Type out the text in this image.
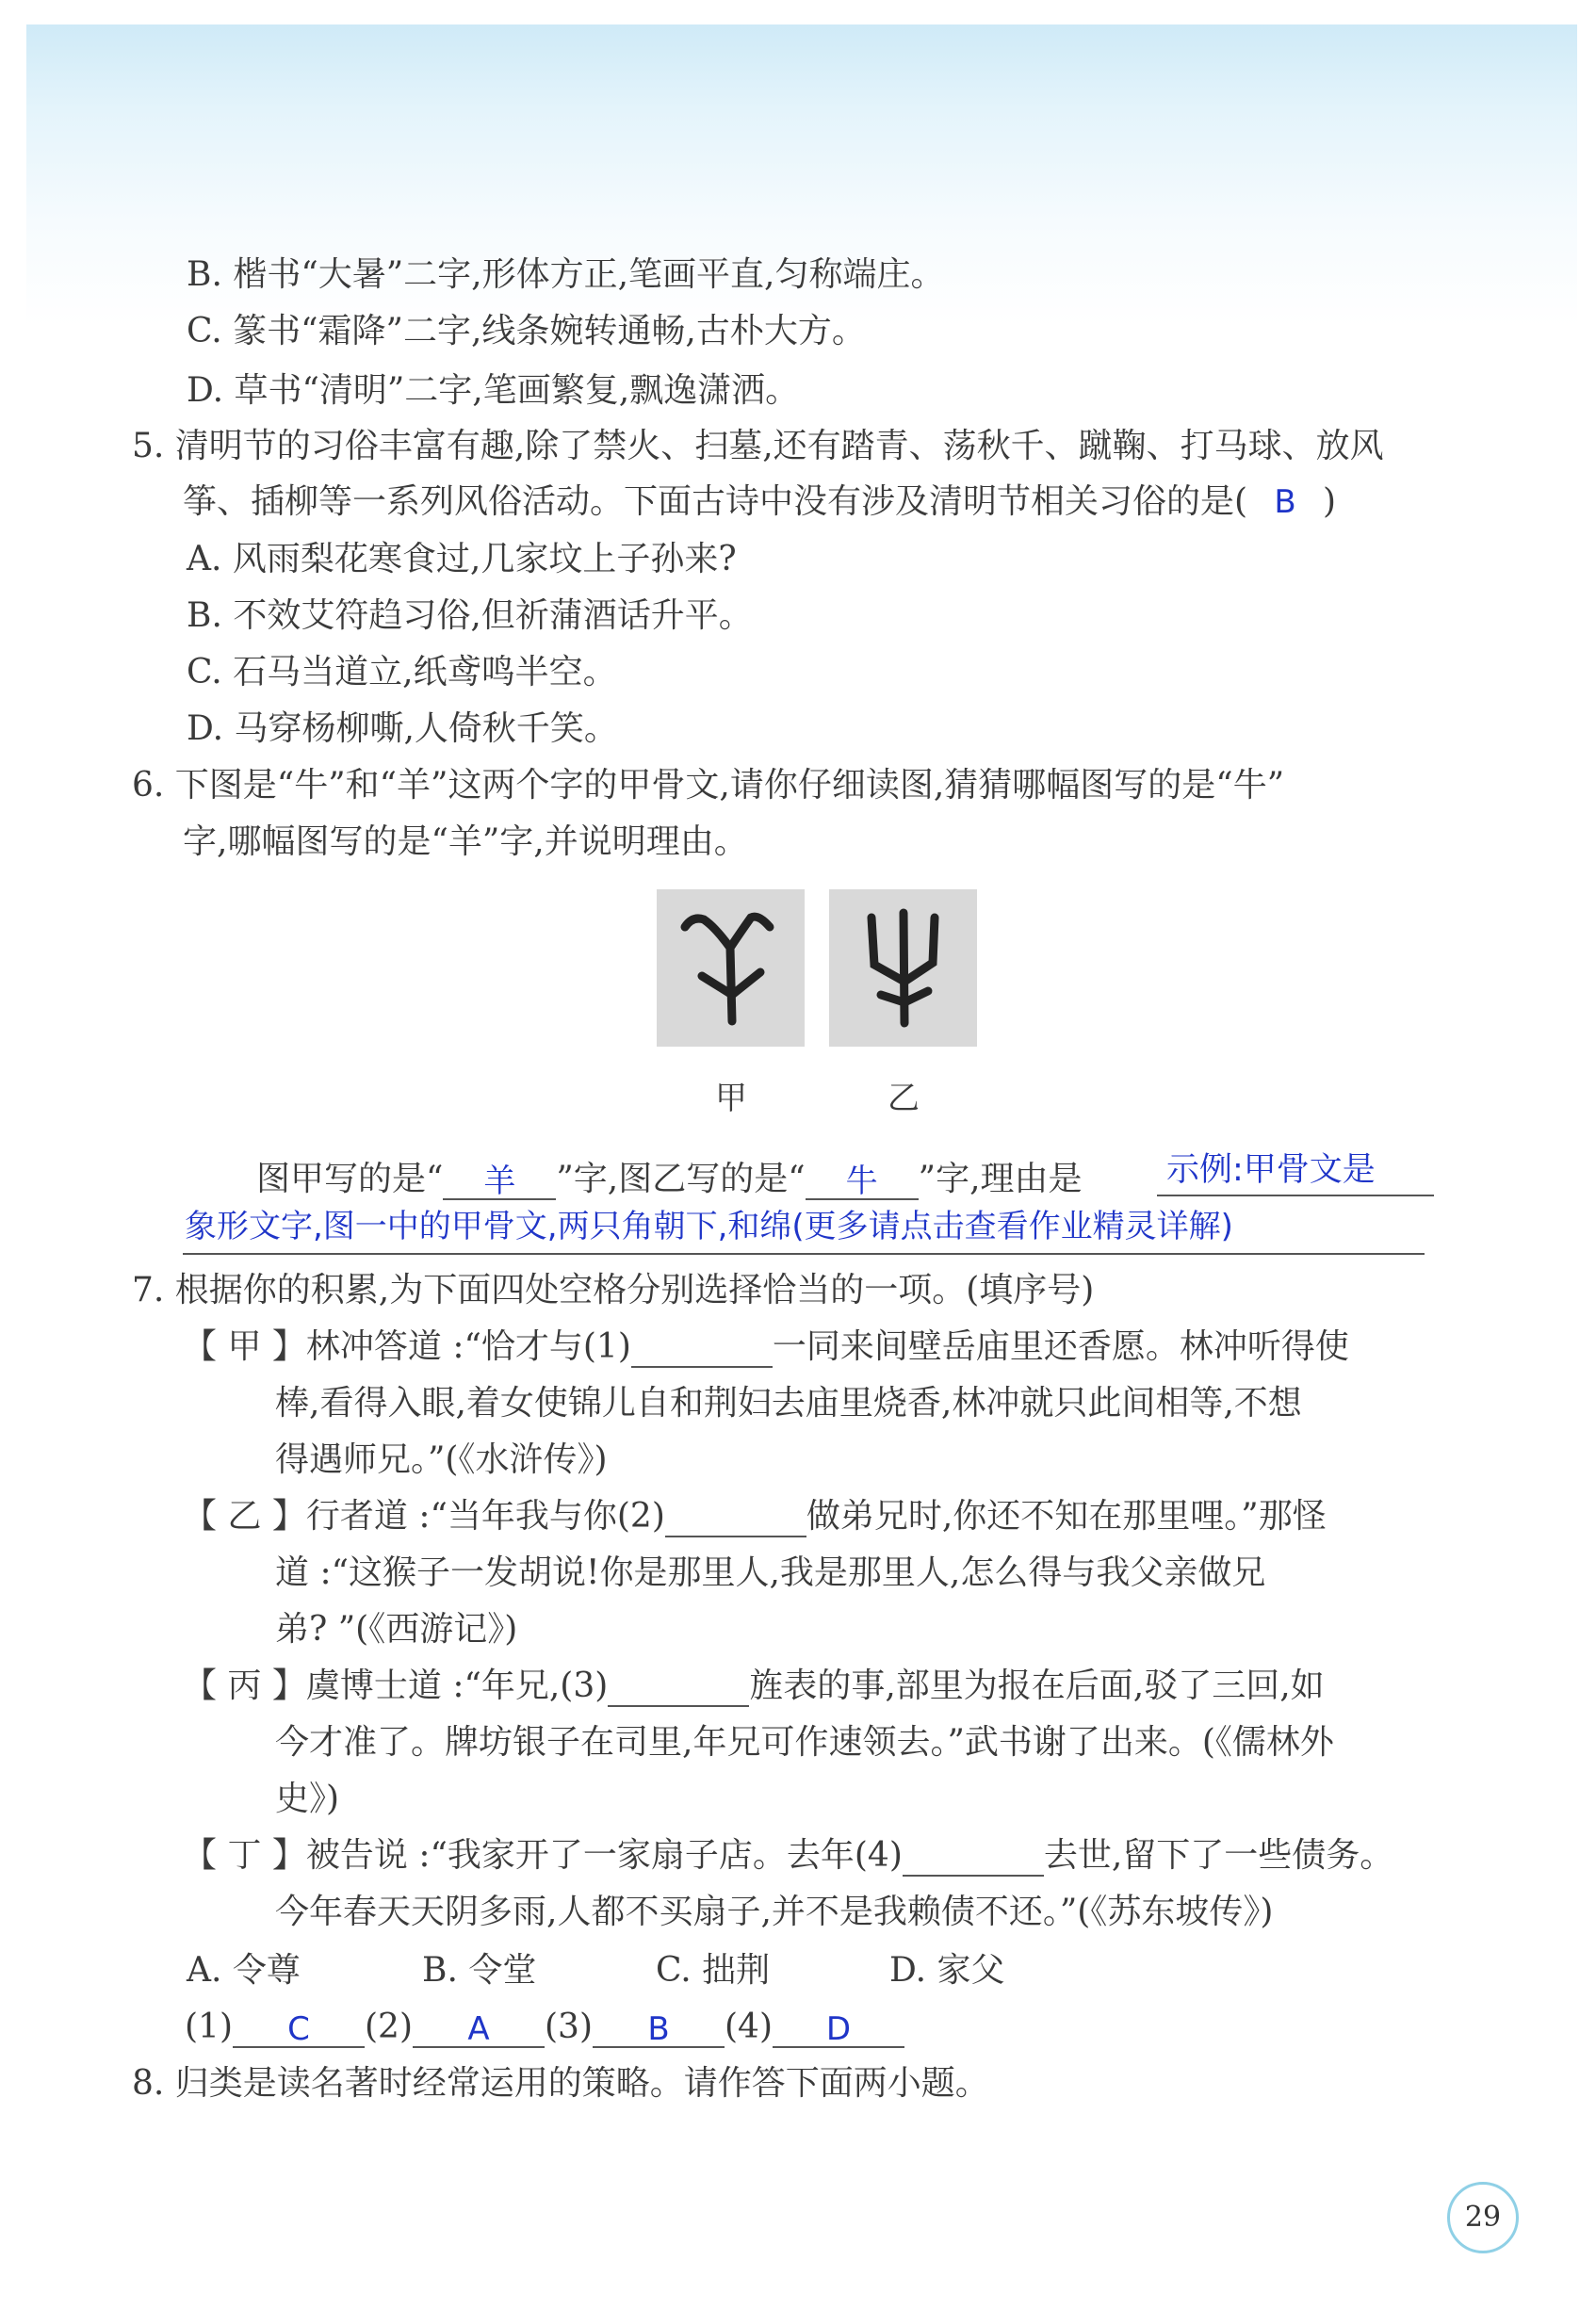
B. 楷书“大暑”二字,形体方正,笔画平直,匀称端庄。
C. 篆书“霜降”二字,线条婉转通畅,古朴大方。
D. 草书“清明”二字,笔画繁复,飘逸潇洒。
5. 清明节的习俗丰富有趣,除了禁火、扫墓,还有踏青、荡秋千、蹴鞠、打马球、放风
筝、插柳等一系列风俗活动。下面古诗中没有涉及清明节相关习俗的是( B )
A. 风雨梨花寒食过,几家坟上子孙来?
B. 不效艾符趋习俗,但祈蒲酒话升平。
C. 石马当道立,纸鸢鸣半空。
D. 马穿杨柳嘶,人倚秋千笑。
6. 下图是“牛”和“羊”这两个字的甲骨文,请你仔细读图,猜猜哪幅图写的是“牛”
字,哪幅图写的是“羊”字,并说明理由。
甲	乙
图甲写的是“ 羊 ”字,图乙写的是“ 牛 ”字,理由是	示例:甲骨文是
象形文字,图一中的甲骨文,两只角朝下,和绵(更多请点击查看作业精灵详解)
7. 根据你的积累,为下面四处空格分别选择恰当的一项。(填序号)
【 甲 】林冲答道 :“恰才与(1)	一同来间壁岳庙里还香愿。林冲听得使
棒,看得入眼,着女使锦儿自和荆妇去庙里烧香,林冲就只此间相等,不想
得遇师兄。”(《水浒传》)
【 乙 】行者道 :“当年我与你(2)	做弟兄时,你还不知在那里哩。”那怪
道 :“这猴子一发胡说!你是那里人,我是那里人,怎么得与我父亲做兄
弟? ”(《西游记》)
【 丙 】虞博士道 :“年兄,(3)	旌表的事,部里为报在后面,驳了三回,如
今才准了。牌坊银子在司里,年兄可作速领去。”武书谢了出来。(《儒林外
史》)
【 丁 】被告说 :“我家开了一家扇子店。去年(4)	去世,留下了一些债务。
今年春天天阴多雨,人都不买扇子,并不是我赖债不还。”(《苏东坡传》)
A. 令尊	B. 令堂	C. 拙荆	D. 家父
(1) C (2) A (3) B (4) D
8. 归类是读名著时经常运用的策略。请作答下面两小题。
29
